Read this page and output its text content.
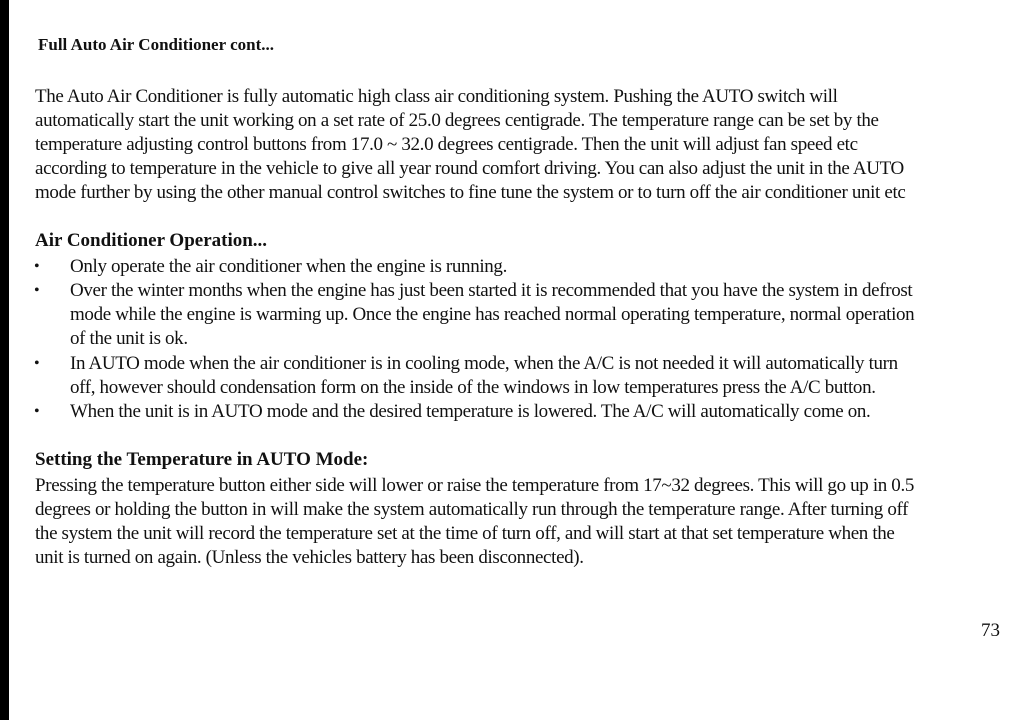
Full Auto Air Conditioner cont...
The Auto Air Conditioner is fully automatic high class air conditioning system. Pushing the AUTO switch will
automatically start the unit working on a set rate of 25.0 degrees centigrade. The temperature range can be set by the
temperature adjusting control buttons from 17.0 ~ 32.0 degrees centigrade. Then the unit will adjust fan speed etc
according to temperature in the vehicle to give all year round comfort driving. You can also adjust the unit in the AUTO
mode further by using the other manual control switches to fine tune the system or to turn off the air conditioner unit etc
Air Conditioner Operation...
• Only operate the air conditioner when the engine is running.
• Over the winter months when the engine has just been started it is recommended that you have the system in defrost
mode while the engine is warming up. Once the engine has reached normal operating temperature, normal operation
of the unit is ok.
• In AUTO mode when the air conditioner is in cooling mode, when the A/C is not needed it will automatically turn
off, however should condensation form on the inside of the windows in low temperatures press the A/C button.
• When the unit is in AUTO mode and the desired temperature is lowered. The A/C will automatically come on.
Setting the Temperature in AUTO Mode:
Pressing the temperature button either side will lower or raise the temperature from 17~32 degrees. This will go up in 0.5
degrees or holding the button in will make the system automatically run through the temperature range. After turning off
the system the unit will record the temperature set at the time of turn off, and will start at that set temperature when the
unit is turned on again. (Unless the vehicles battery has been disconnected).
73
